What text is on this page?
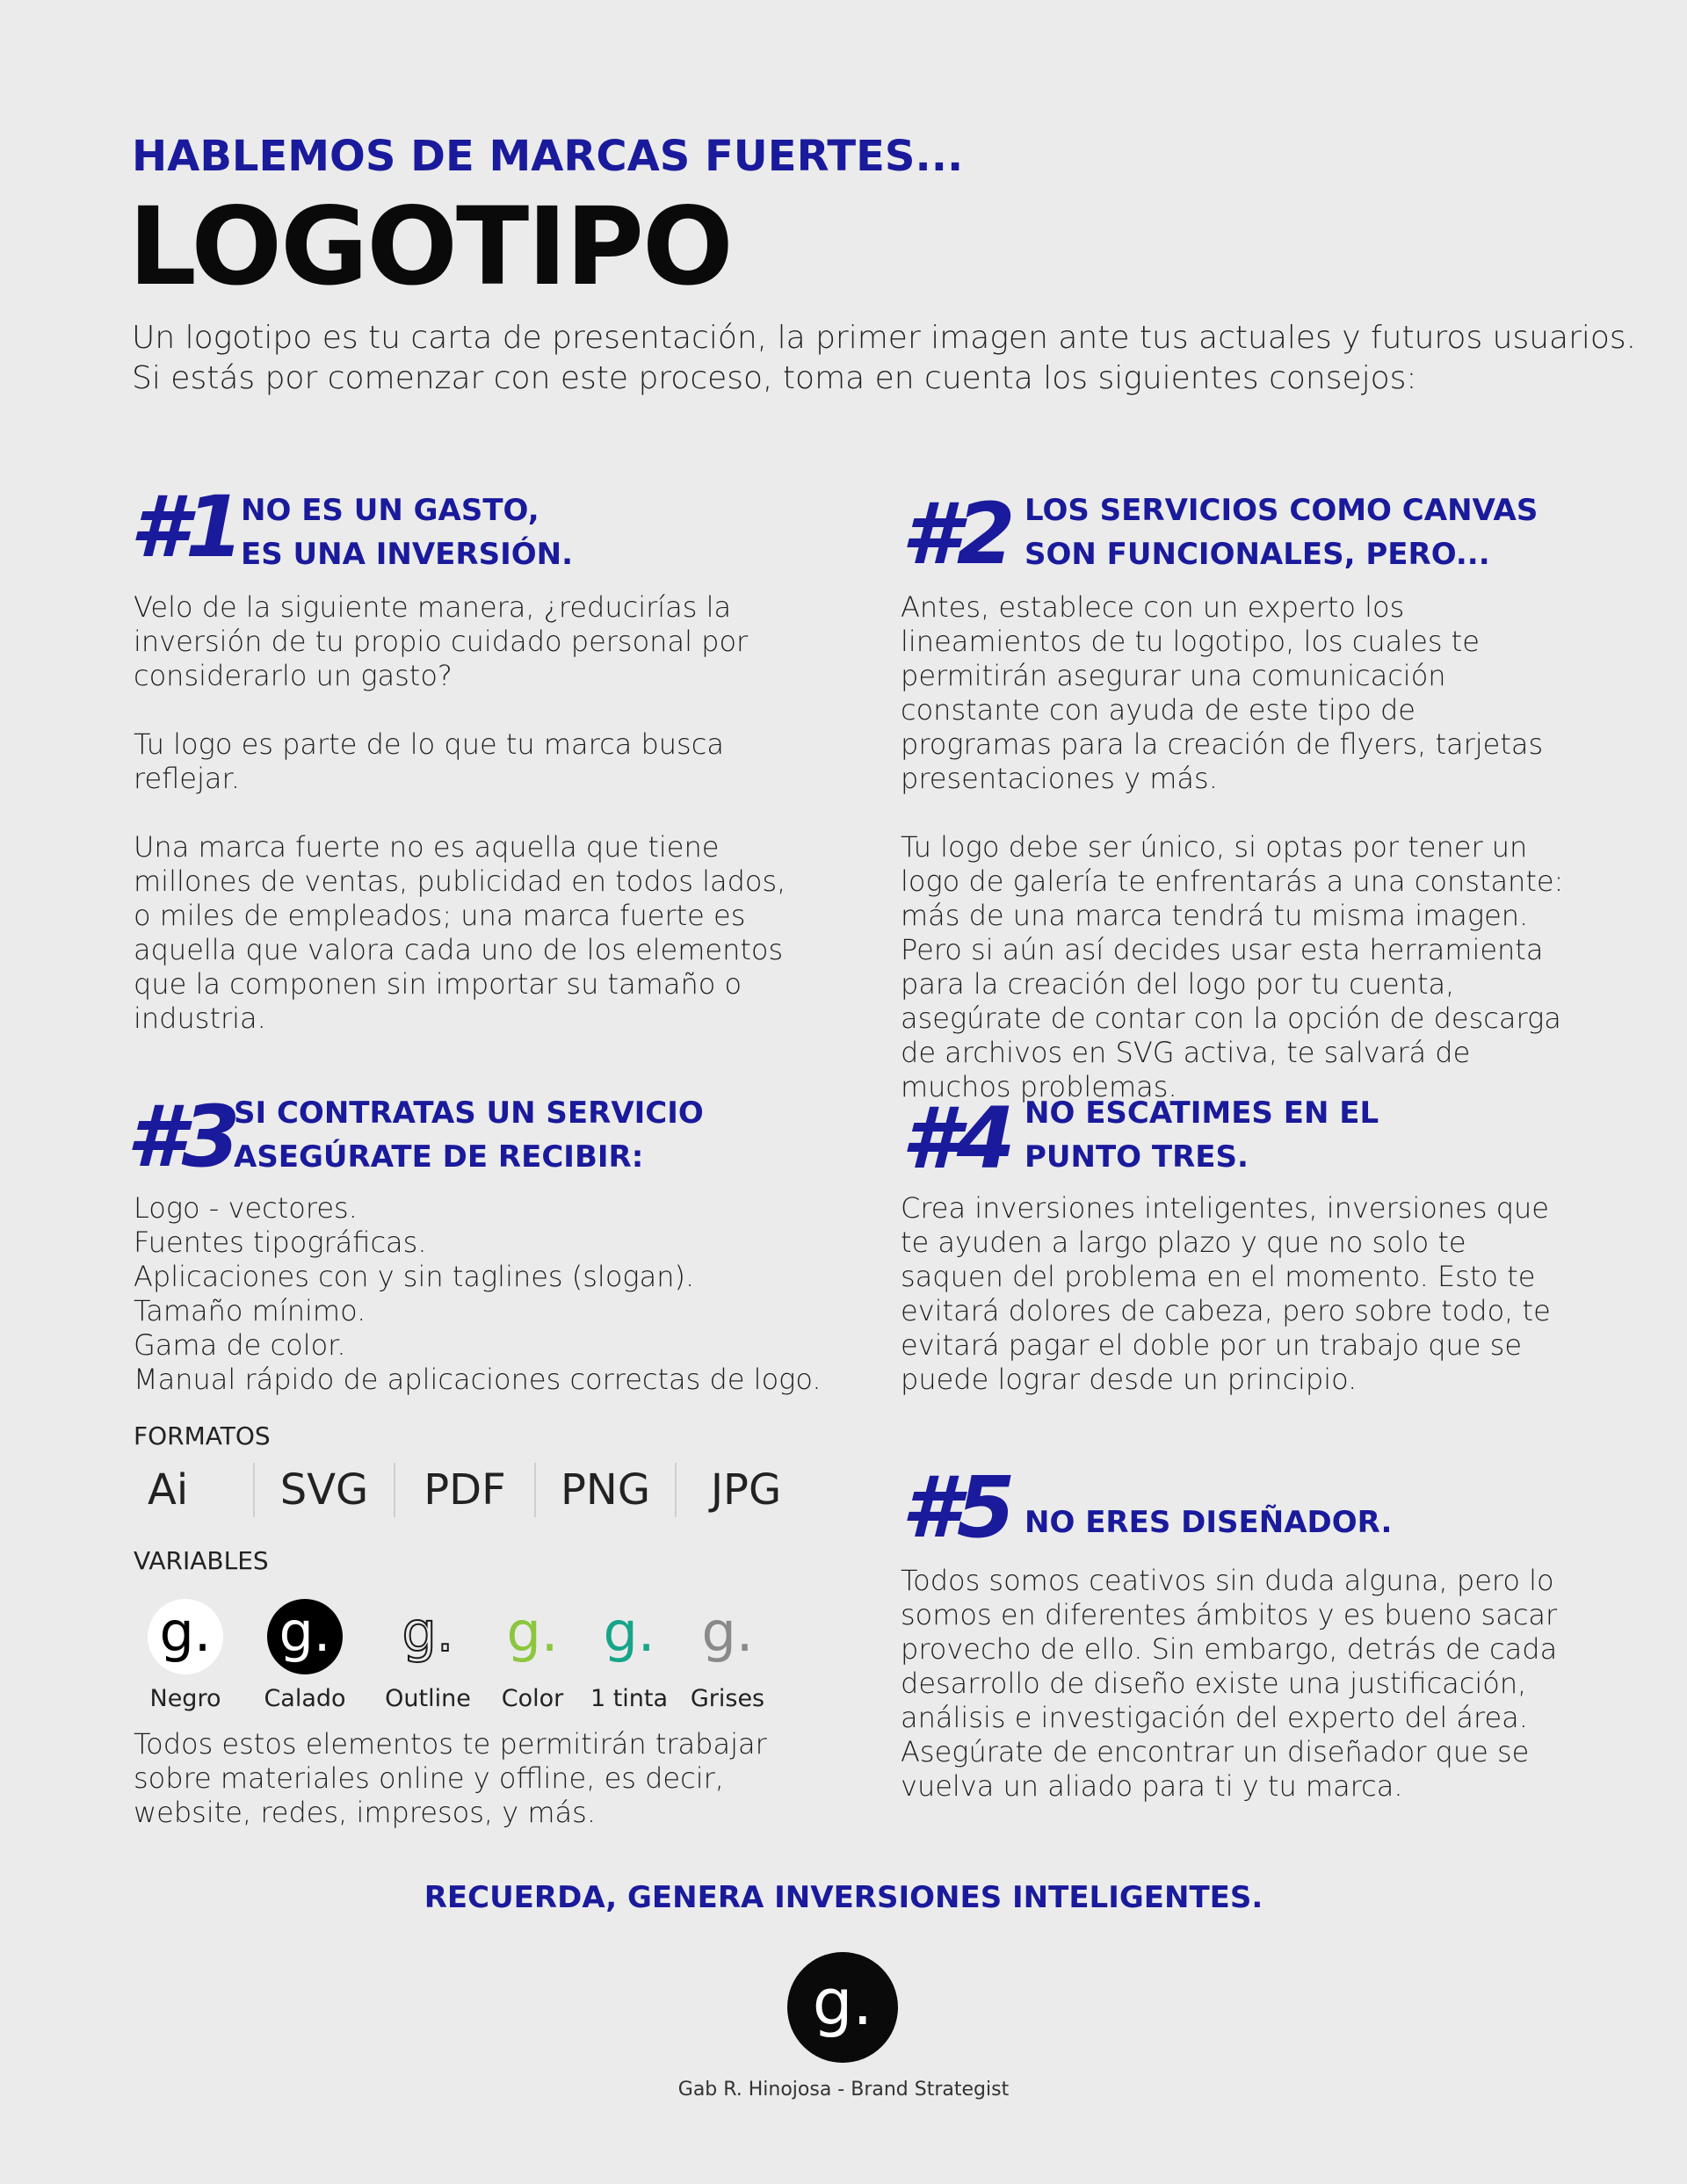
HABLEMOS DE MARCAS FUERTES...
LOGOTIPO
Un logotipo es tu carta de presentación, la primer imagen ante tus actuales y futuros usuarios.
Si estás por comenzar con este proceso, toma en cuenta los siguientes consejos:
#1 NO ES UN GASTO,
ES UNA INVERSIÓN.

Velo de la siguiente manera, ¿reducirías la inversión de tu propio cuidado personal por considerarlo un gasto?

Tu logo es parte de lo que tu marca busca reflejar.

Una marca fuerte no es aquella que tiene millones de ventas, publicidad en todos lados, o miles de empleados; una marca fuerte es aquella que valora cada uno de los elementos que la componen sin importar su tamaño o industria.

#2 LOS SERVICIOS COMO CANVAS
SON FUNCIONALES, PERO...

Antes, establece con un experto los lineamientos de tu logotipo, los cuales te permitirán asegurar una comunicación constante con ayuda de este tipo de programas para la creación de flyers, tarjetas presentaciones y más.

Tu logo debe ser único, si optas por tener un logo de galería te enfrentarás a una constante: más de una marca tendrá tu misma imagen. Pero si aún así decides usar esta herramienta para la creación del logo por tu cuenta, asegúrate de contar con la opción de descarga de archivos en SVG activa, te salvará de muchos problemas.

#3
SI CONTRATAS UN SERVICIO
ASEGÚRATE DE RECIBIR:
Logo - vectores.
Fuentes tipográficas.
Aplicaciones con y sin taglines (slogan).
Tamaño mínimo.
Gama de color.
Manual rápido de aplicaciones correctas de logo.
FORMATOS
Ai	SVG	PDF	PNG	JPG
VARIABLES
g.
Negro
g.
Calado
g.
Outline
g.
Color
g.
1 tinta
g.
Grises
Todos estos elementos te permitirán trabajar sobre materiales online y offline, es decir, website, redes, impresos, y más.
#4 NO ESCATIMES EN EL
PUNTO TRES.

Crea inversiones inteligentes, inversiones que te ayuden a largo plazo y que no solo te saquen del problema en el momento. Esto te evitará dolores de cabeza, pero sobre todo, te evitará pagar el doble por un trabajo que se puede lograr desde un principio.

#5 NO ERES DISEÑADOR.

Todos somos ceativos sin duda alguna, pero lo somos en diferentes ámbitos y es bueno sacar provecho de ello. Sin embargo, detrás de cada desarrollo de diseño existe una justificación, análisis e investigación del experto del área. Asegúrate de encontrar un diseñador que se vuelva un aliado para ti y tu marca.

RECUERDA, GENERA INVERSIONES INTELIGENTES.
g.
Gab R. Hinojosa - Brand Strategist
